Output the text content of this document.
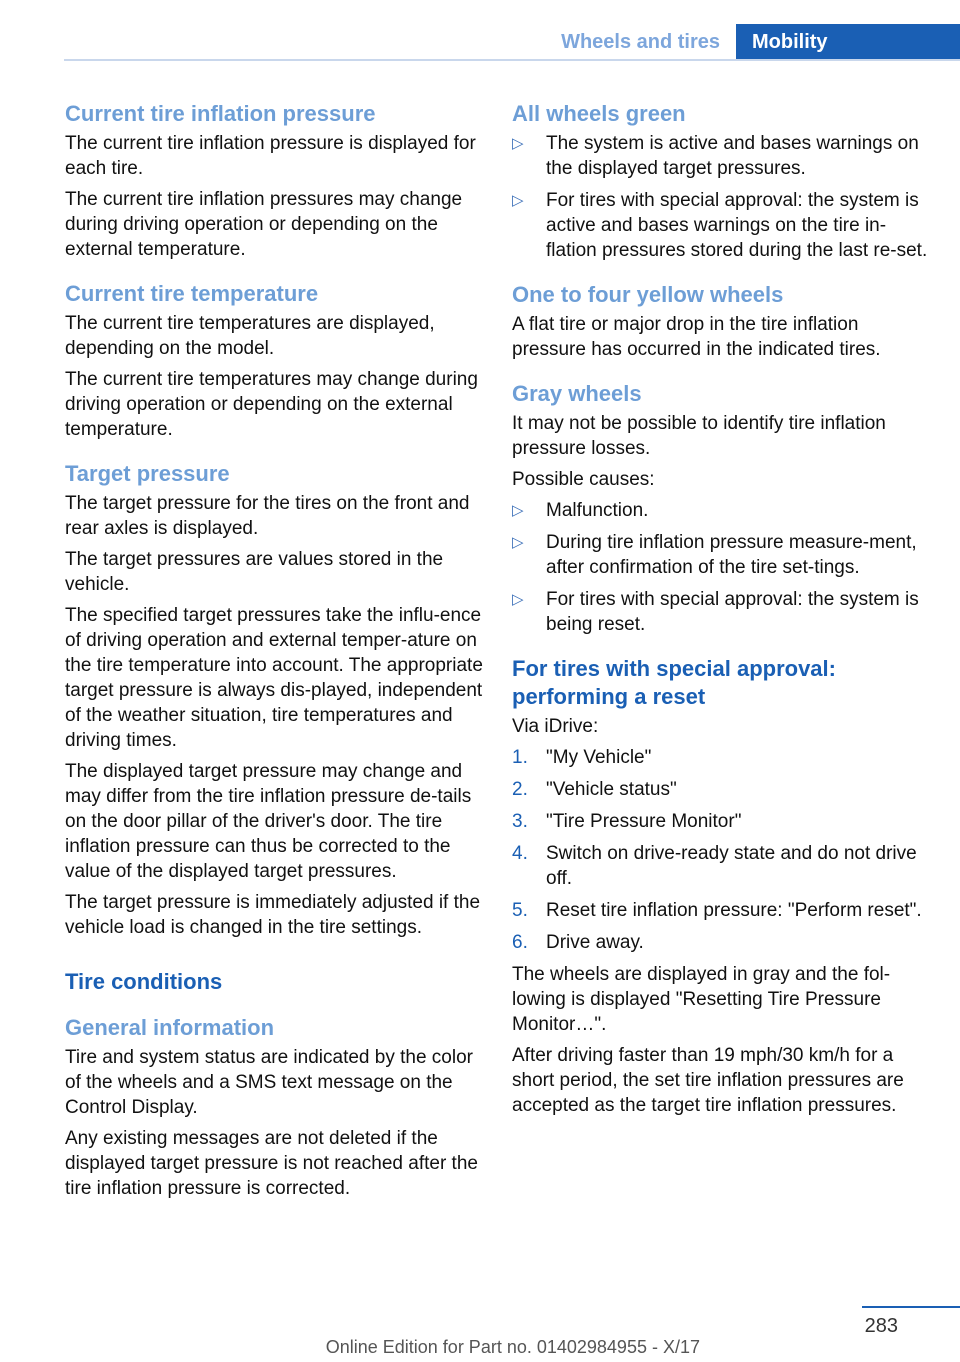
Wheels and tires	Mobility
Current tire inflation pressure

The current tire inflation pressure is displayed for each tire.

The current tire inflation pressures may change during driving operation or depending on the external temperature.

Current tire temperature

The current tire temperatures are displayed, depending on the model.

The current tire temperatures may change during driving operation or depending on the external temperature.

Target pressure

The target pressure for the tires on the front and rear axles is displayed.

The target pressures are values stored in the vehicle.

The specified target pressures take the influ-ence of driving operation and external temper-ature on the tire temperature into account. The appropriate target pressure is always dis-played, independent of the weather situation, tire temperatures and driving times.

The displayed target pressure may change and may differ from the tire inflation pressure de-tails on the door pillar of the driver's door. The tire inflation pressure can thus be corrected to the value of the displayed target pressures.

The target pressure is immediately adjusted if the vehicle load is changed in the tire settings.

Tire conditions
General information

Tire and system status are indicated by the color of the wheels and a SMS text message on the Control Display.

Any existing messages are not deleted if the displayed target pressure is not reached after the tire inflation pressure is corrected.

All wheels green
▷ The system is active and bases warnings on the displayed target pressures.
▷ For tires with special approval: the system is active and bases warnings on the tire in-flation pressures stored during the last re-set.
One to four yellow wheels

A flat tire or major drop in the tire inflation pressure has occurred in the indicated tires.

Gray wheels

It may not be possible to identify tire inflation pressure losses.

Possible causes:

▷ Malfunction.
▷ During tire inflation pressure measure-ment, after confirmation of the tire set-tings.
▷ For tires with special approval: the system is being reset.
For tires with special approval: performing a reset

Via iDrive:

1. "My Vehicle"
2. "Vehicle status"
3. "Tire Pressure Monitor"
4. Switch on drive-ready state and do not drive off.
5. Reset tire inflation pressure: "Perform reset".
6. Drive away.

The wheels are displayed in gray and the fol-lowing is displayed "Resetting Tire Pressure Monitor…".

After driving faster than 19 mph/30 km/h for a short period, the set tire inflation pressures are accepted as the target tire inflation pressures.

283
Online Edition for Part no. 01402984955 - X/17
